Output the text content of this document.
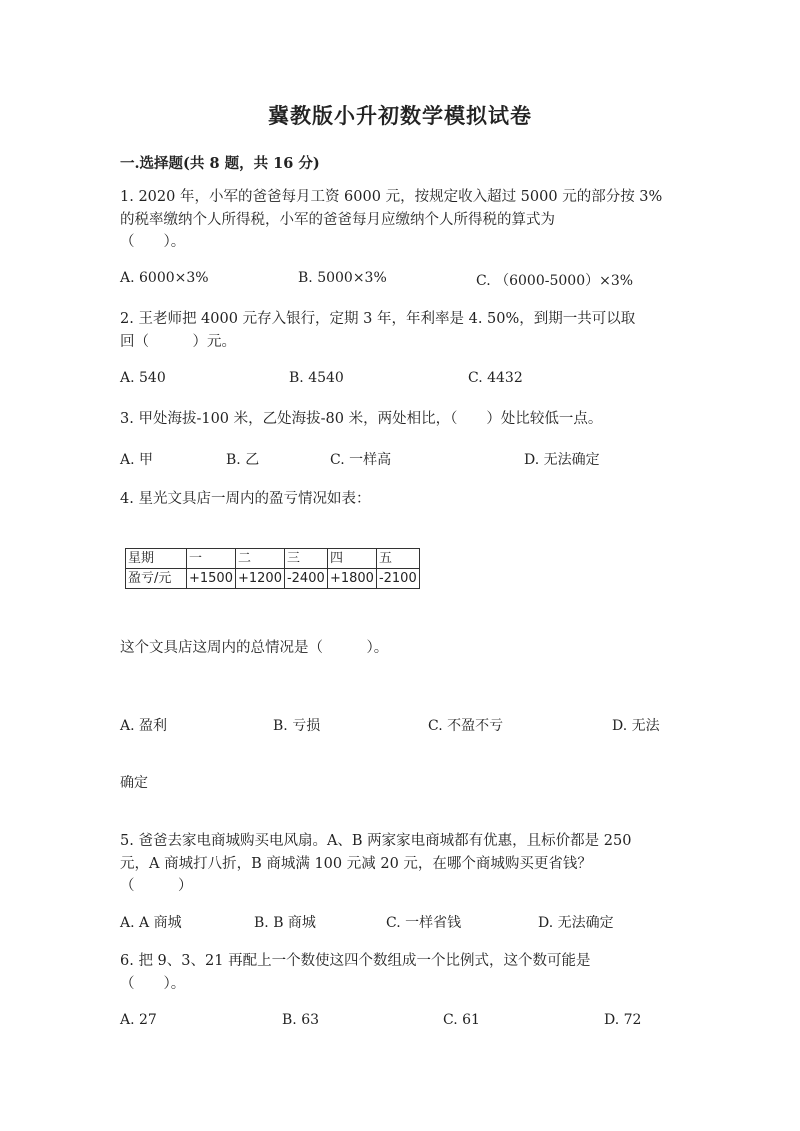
冀教版小升初数学模拟试卷
一.选择题(共 8 题，共 16 分)
1. 2020 年，小军的爸爸每月工资 6000 元，按规定收入超过 5000 元的部分按 3%
的税率缴纳个人所得税，小军的爸爸每月应缴纳个人所得税的算式为
（　　）。
A. 6000×3%	B. 5000×3%	C. （6000-5000）×3%
2. 王老师把 4000 元存入银行，定期 3 年，年利率是 4. 50%，到期一共可以取
回（　　　）元。
A. 540	B. 4540	C. 4432
3. 甲处海拔-100 米，乙处海拔-80 米，两处相比，（　　）处比较低一点。
A. 甲	B. 乙	C. 一样高	D. 无法确定
4. 星光文具店一周内的盈亏情况如表：
星期	一	二	三	四	五
盈亏/元	+1500	+1200	-2400	+1800	-2100
这个文具店这周内的总情况是（　　　）。
A. 盈利	B. 亏损	C. 不盈不亏	D. 无法
确定
5. 爸爸去家电商城购买电风扇。A、B 两家家电商城都有优惠，且标价都是 250
元，A 商城打八折，B 商城满 100 元减 20 元，在哪个商城购买更省钱？
（　　　）
A. A 商城	B. B 商城	C. 一样省钱	D. 无法确定
6. 把 9、3、21 再配上一个数使这四个数组成一个比例式，这个数可能是
（　　）。
A. 27	B. 63	C. 61	D. 72
